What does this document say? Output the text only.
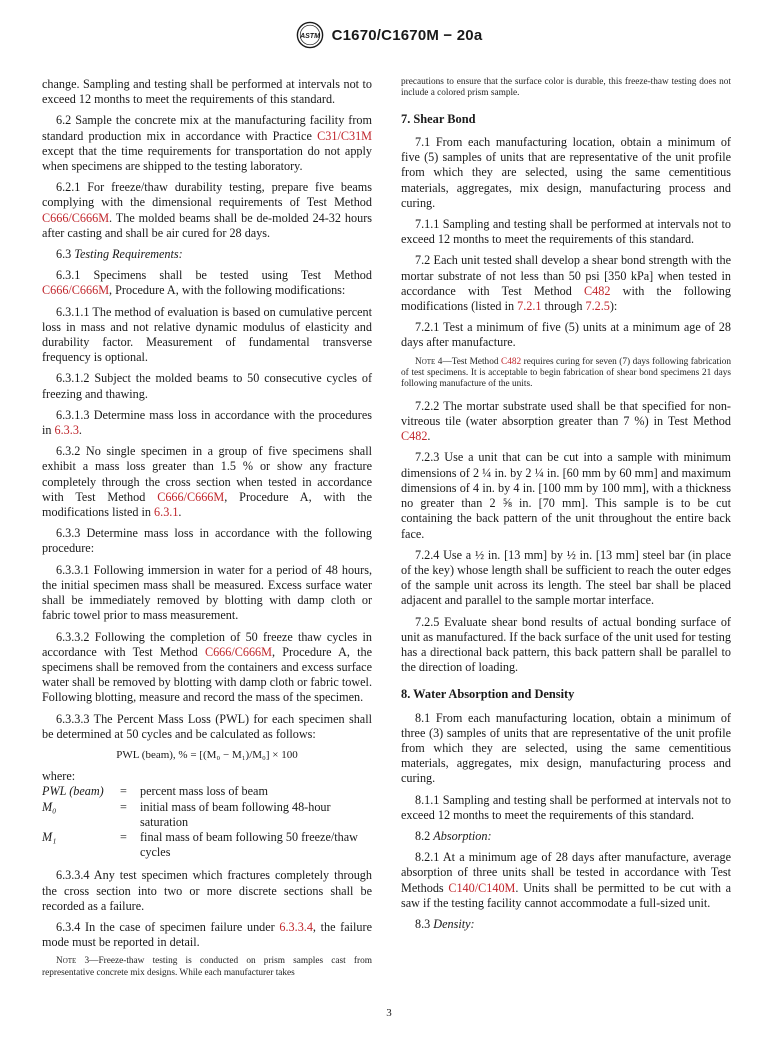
ASTM C1670/C1670M − 20a

change. Sampling and testing shall be performed at intervals not to exceed 12 months to meet the requirements of this standard.

6.2 Sample the concrete mix at the manufacturing facility from standard production mix in accordance with Practice C31/C31M except that the time requirements for transportation do not apply when specimens are shipped to the testing laboratory.

6.2.1 For freeze/thaw durability testing, prepare five beams complying with the dimensional requirements of Test Method C666/C666M. The molded beams shall be de-molded 24-32 hours after casting and shall be air cured for 28 days.

6.3 Testing Requirements:

6.3.1 Specimens shall be tested using Test Method C666/C666M, Procedure A, with the following modifications:

6.3.1.1 The method of evaluation is based on cumulative percent loss in mass and not relative dynamic modulus of elasticity and durability factor. Measurement of fundamental transverse frequency is optional.

6.3.1.2 Subject the molded beams to 50 consecutive cycles of freezing and thawing.

6.3.1.3 Determine mass loss in accordance with the procedures in 6.3.3.

6.3.2 No single specimen in a group of five specimens shall exhibit a mass loss greater than 1.5 % or show any fracture completely through the cross section when tested in accordance with Test Method C666/C666M, Procedure A, with the modifications listed in 6.3.1.

6.3.3 Determine mass loss in accordance with the following procedure:

6.3.3.1 Following immersion in water for a period of 48 hours, the initial specimen mass shall be measured. Excess surface water shall be immediately removed by blotting with damp cloth or fabric towel prior to mass measurement.

6.3.3.2 Following the completion of 50 freeze thaw cycles in accordance with Test Method C666/C666M, Procedure A, the specimens shall be removed from the containers and excess surface water shall be removed by blotting with damp cloth or fabric towel. Following blotting, measure and record the mass of the specimen.

6.3.3.3 The Percent Mass Loss (PWL) for each specimen shall be determined at 50 cycles and be calculated as follows:

PWL (beam), % = [(M₀ − M₁)/M₀] × 100

where:

PWL (beam)	=	percent mass loss of beam
M₀	=	initial mass of beam following 48-hour saturation
M₁	=	final mass of beam following 50 freeze/thaw cycles

6.3.3.4 Any test specimen which fractures completely through the cross section into two or more discrete sections shall be recorded as a failure.

6.3.4 In the case of specimen failure under 6.3.3.4, the failure mode must be reported in detail.

Note 3—Freeze-thaw testing is conducted on prism samples cast from representative concrete mix designs. While each manufacturer takes
precautions to ensure that the surface color is durable, this freeze-thaw testing does not include a colored prism sample.
7. Shear Bond

7.1 From each manufacturing location, obtain a minimum of five (5) samples of units that are representative of the unit profile from which they are selected, using the same cementitious materials, aggregates, mix design, manufacturing process and curing.

7.1.1 Sampling and testing shall be performed at intervals not to exceed 12 months to meet the requirements of this standard.

7.2 Each unit tested shall develop a shear bond strength with the mortar substrate of not less than 50 psi [350 kPa] when tested in accordance with Test Method C482 with the following modifications (listed in 7.2.1 through 7.2.5):

7.2.1 Test a minimum of five (5) units at a minimum age of 28 days after manufacture.

Note 4—Test Method C482 requires curing for seven (7) days following fabrication of test specimens. It is acceptable to begin fabrication of shear bond specimens 21 days following manufacture of the units.

7.2.2 The mortar substrate used shall be that specified for non-vitreous tile (water absorption greater than 7 %) in Test Method C482.

7.2.3 Use a unit that can be cut into a sample with minimum dimensions of 2 ¼ in. by 2 ¼ in. [60 mm by 60 mm] and maximum dimensions of 4 in. by 4 in. [100 mm by 100 mm], with a thickness no greater than 2 ⅝ in. [70 mm]. This sample is to be cut containing the back pattern of the unit throughout the entire back face.

7.2.4 Use a ½ in. [13 mm] by ½ in. [13 mm] steel bar (in place of the key) whose length shall be sufficient to reach the outer edges of the sample unit across its length. The steel bar shall be placed adjacent and parallel to the sample mortar interface.

7.2.5 Evaluate shear bond results of actual bonding surface of unit as manufactured. If the back surface of the unit used for testing has a directional back pattern, this back pattern shall be parallel to the direction of loading.

8. Water Absorption and Density

8.1 From each manufacturing location, obtain a minimum of three (3) samples of units that are representative of the unit profile from which they are selected, using the same cementitious materials, aggregates, mix design, manufacturing process and curing.

8.1.1 Sampling and testing shall be performed at intervals not to exceed 12 months to meet the requirements of this standard.

8.2 Absorption:

8.2.1 At a minimum age of 28 days after manufacture, average absorption of three units shall be tested in accordance with Test Methods C140/C140M. Units shall be permitted to be cut with a saw if the testing facility cannot accommodate a full-sized unit.

8.3 Density:

3
